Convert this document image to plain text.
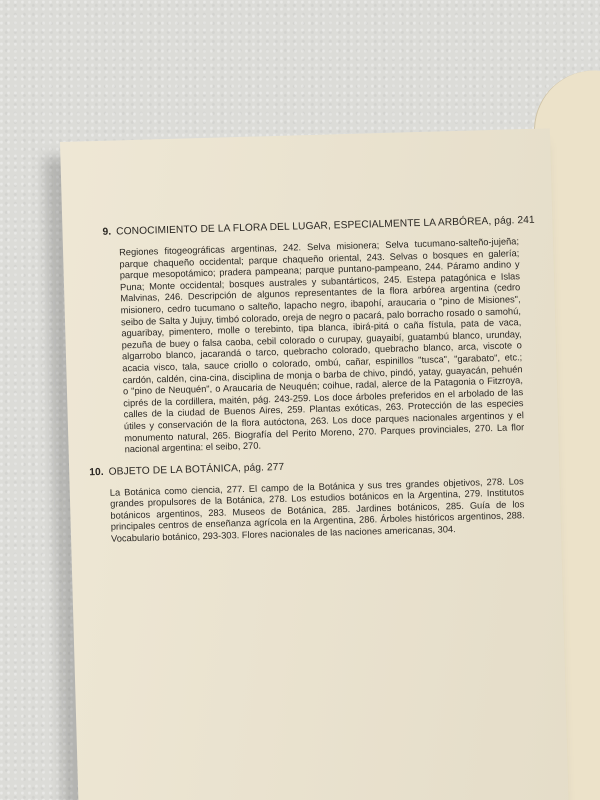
9. CONOCIMIENTO DE LA FLORA DEL LUGAR, ESPECIALMENTE LA ARBÓREA, pág. 241

Regiones fitogeográficas argentinas, 242. Selva misionera; Selva tucumano-salteño-jujeña; parque chaqueño occidental; parque chaqueño oriental, 243. Selvas o bosques en galería; parque mesopotámico; pradera pampeana; parque puntano-pampeano, 244. Páramo andino y Puna; Monte occidental; bosques australes y subantárticos, 245. Estepa patagónica e Islas Malvinas, 246. Descripción de algunos representantes de la flora arbórea argentina (cedro misionero, cedro tucumano o salteño, lapacho negro, ibapohí, araucaria o "pino de Misiones", seibo de Salta y Jujuy, timbó colorado, oreja de negro o pacará, palo borracho rosado o samohú, aguaribay, pimentero, molle o terebinto, tipa blanca, ibirá-pitá o caña fístula, pata de vaca, pezuña de buey o falsa caoba, cebil colorado o curupay, guayaibí, guatambú blanco, urunday, algarrobo blanco, jacarandá o tarco, quebracho colorado, quebracho blanco, arca, viscote o acacia visco, tala, sauce criollo o colorado, ombú, cañar, espinillos "tusca", "garabato", etc.; cardón, caldén, cina-cina, disciplina de monja o barba de chivo, pindó, yatay, guayacán, pehuén o "pino de Neuquén", o Araucaria de Neuquén; coihue, radal, alerce de la Patagonia o Fitzroya, ciprés de la cordillera, maitén, pág. 243-259. Los doce árboles preferidos en el arbolado de las calles de la ciudad de Buenos Aires, 259. Plantas exóticas, 263. Protección de las especies útiles y conservación de la flora autóctona, 263. Los doce parques nacionales argentinos y el monumento natural, 265. Biografía del Perito Moreno, 270. Parques provinciales, 270. La flor nacional argentina: el seibo, 270.

10. OBJETO DE LA BOTÁNICA, pág. 277

La Botánica como ciencia, 277. El campo de la Botánica y sus tres grandes objetivos, 278. Los grandes propulsores de la Botánica, 278. Los estudios botánicos en la Argentina, 279. Institutos botánicos argentinos, 283. Museos de Botánica, 285. Jardines botánicos, 285. Guía de los principales centros de enseñanza agrícola en la Argentina, 286. Árboles históricos argentinos, 288. Vocabulario botánico, 293-303. Flores nacionales de las naciones americanas, 304.
